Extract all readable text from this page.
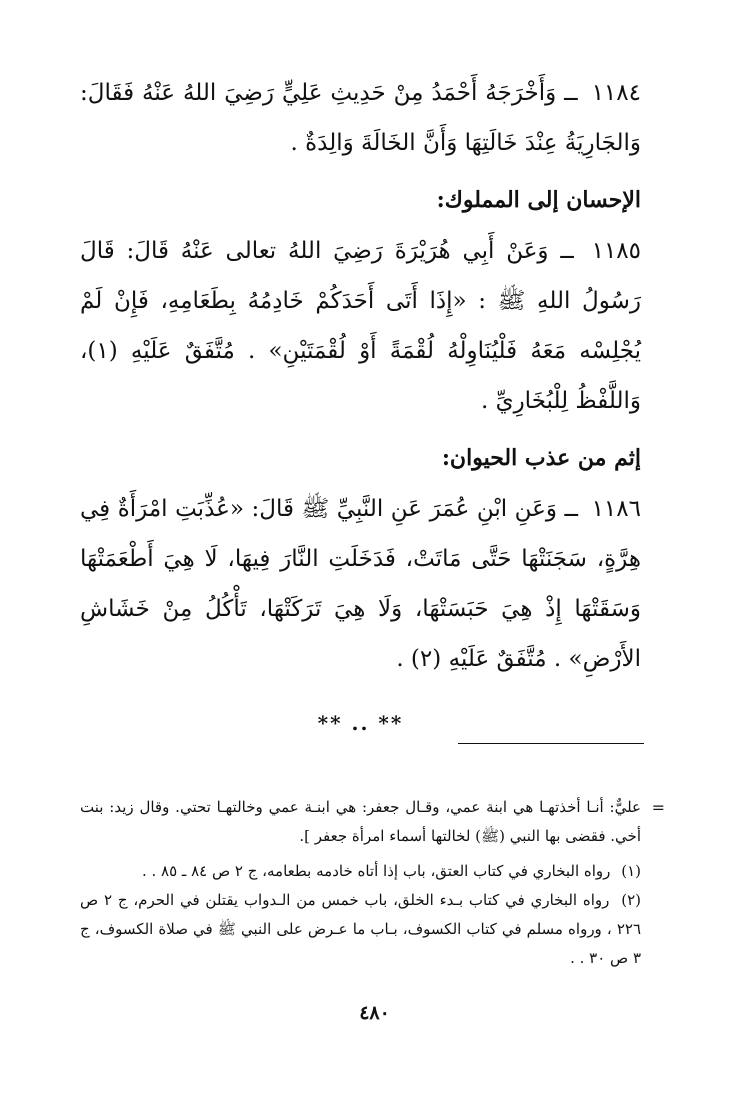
١١٨٤ ــ وَأَخْرَجَهُ أَحْمَدُ مِنْ حَدِيثِ عَلِيٍّ رَضِيَ اللهُ عَنْهُ فَقَالَ: وَالجَارِيَةُ عِنْدَ خَالَتِهَا وَأَنَّ الخَالَةَ وَالِدَةٌ .

الإحسان إلى المملوك:

١١٨٥ ــ وَعَنْ أَبِي هُرَيْرَةَ رَضِيَ اللهُ تعالى عَنْهُ قَالَ: قَالَ رَسُولُ اللهِ ﷺ : «إِذَا أَتَى أَحَدَكُمْ خَادِمُهُ بِطَعَامِهِ، فَإِنْ لَمْ يُجْلِسْه مَعَهُ فَلْيُنَاوِلْهُ لُقْمَةً أَوْ لُقْمَتَيْنِ» . مُتَّفَقٌ عَلَيْهِ (١)، وَاللَّفْظُ لِلْبُخَارِيِّ .

إثم من عذب الحيوان:

١١٨٦ ــ وَعَنِ ابْنِ عُمَرَ عَنِ النَّبِيِّ ﷺ قَالَ: «عُذِّبَتِ امْرَأَةٌ فِي هِرَّةٍ، سَجَنَتْهَا حَتَّى مَاتَتْ، فَدَخَلَتِ النَّارَ فِيهَا، لَا هِيَ أَطْعَمَتْهَا وَسَقَتْهَا إِذْ هِيَ حَبَسَتْهَا، وَلَا هِيَ تَرَكَتْهَا، تَأْكُلُ مِنْ خَشَاشِ الأَرْضِ» . مُتَّفَقٌ عَلَيْهِ (٢) .

** .. **
=

عليٌّ: أنـا أخذتهـا هي ابنة عمي، وقـال جعفر: هي ابنـة عمي وخالتهـا تحتي. وقال زيد: بنت أخي. فقضى بها النبي (ﷺ) لخالتها أسماء امرأة جعفر ].

(١) رواه البخاري في كتاب العتق، باب إذا أتاه خادمه بطعامه، ج ٢ ص ٨٤ ـ ٨٥ . .

(٢) رواه البخاري في كتاب بـدء الخلق، باب خمس من الـدواب يقتلن في الحرم، ج ٢ ص ٢٢٦ ، ورواه مسلم في كتاب الكسوف، بـاب ما عـرض على النبي ﷺ في صلاة الكسوف، ج ٣ ص ٣٠ . .

٤٨٠
